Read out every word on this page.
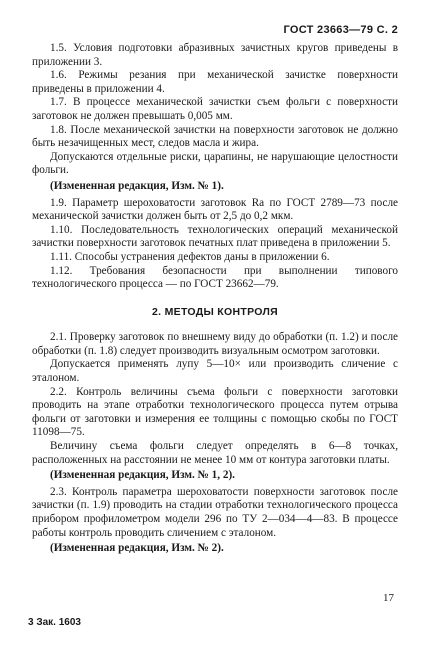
ГОСТ 23663—79 С. 2

1.5. Условия подготовки абразивных зачистных кругов приведены в приложении 3.

1.6. Режимы резания при механической зачистке поверхности приведены в приложении 4.

1.7. В процессе механической зачистки съем фольги с поверхности заготовок не должен превышать 0,005 мм.

1.8. После механической зачистки на поверхности заготовок не должно быть незачищенных мест, следов масла и жира.

Допускаются отдельные риски, царапины, не нарушающие целостности фольги.

(Измененная редакция, Изм. № 1).

1.9. Параметр шероховатости заготовок Ra по ГОСТ 2789—73 после механической зачистки должен быть от 2,5 до 0,2 мкм.

1.10. Последовательность технологических операций механической зачистки поверхности заготовок печатных плат приведена в приложении 5.

1.11. Способы устранения дефектов даны в приложении 6.

1.12. Требования безопасности при выполнении типового технологического процесса — по ГОСТ 23662—79.

2. МЕТОДЫ КОНТРОЛЯ

2.1. Проверку заготовок по внешнему виду до обработки (п. 1.2) и после обработки (п. 1.8) следует производить визуальным осмотром заготовки.

Допускается применять лупу 5—10× или производить сличение с эталоном.

2.2. Контроль величины съема фольги с поверхности заготовки проводить на этапе отработки технологического процесса путем отрыва фольги от заготовки и измерения ее толщины с помощью скобы по ГОСТ 11098—75.

Величину съема фольги следует определять в 6—8 точках, расположенных на расстоянии не менее 10 мм от контура заготовки платы.

(Измененная редакция, Изм. № 1, 2).

2.3. Контроль параметра шероховатости поверхности заготовок после зачистки (п. 1.9) проводить на стадии отработки технологического процесса прибором профилометром модели 296 по ТУ 2—034—4—83. В процессе работы контроль проводить сличением с эталоном.

(Измененная редакция, Изм. № 2).

17
3 Зак. 1603
